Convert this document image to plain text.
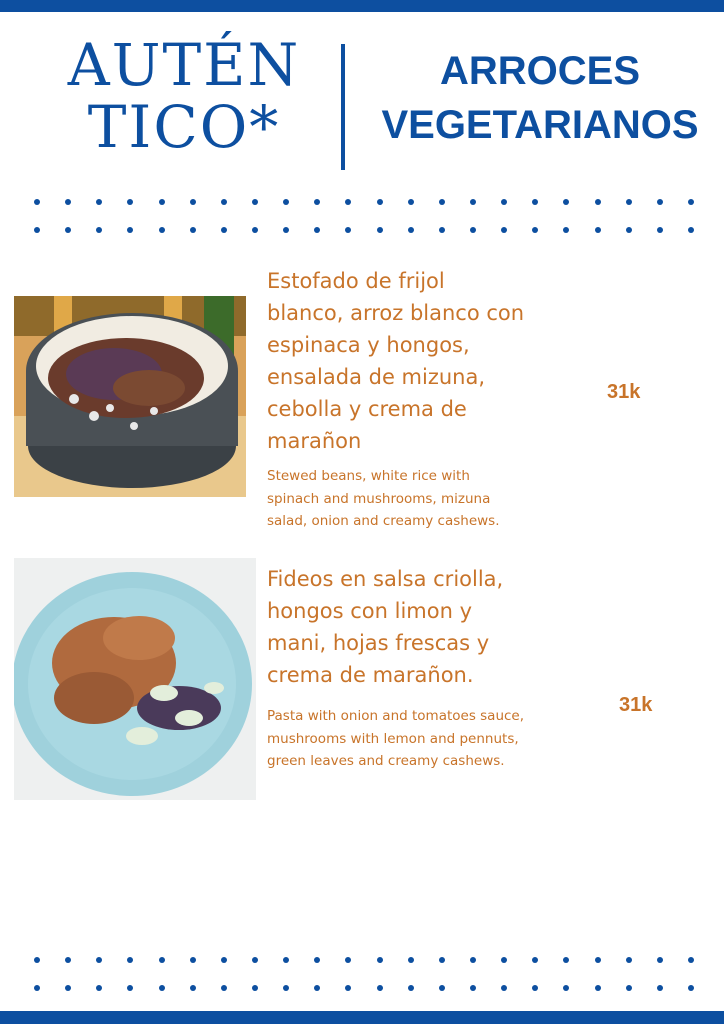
AUTÉN
TICO*
ARROCES
VEGETARIANOS
Estofado de frijol
blanco, arroz blanco con
espinaca y hongos,
ensalada de mizuna,
cebolla y crema de
marañon
Stewed beans, white rice with
spinach and mushrooms, mizuna
salad, onion and creamy cashews.
31k
Fideos en salsa criolla,
hongos con limon y
mani, hojas frescas y
crema de marañon.
Pasta with onion and tomatoes sauce,
mushrooms with lemon and pennuts,
green leaves and creamy cashews.
31k
